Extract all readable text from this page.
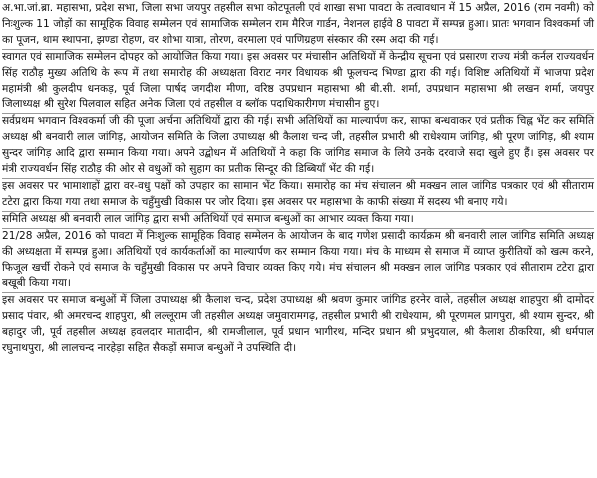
अ.भा.जां.ब्रा. महासभा, प्रदेश सभा, जिला सभा जयपुर तहसील सभा कोटपूतली एवं शाखा सभा पावटा के तत्वावधान में 15 अप्रैल, 2016 (राम नवमी) को निःशुल्क 11 जोड़ों का सामूहिक विवाह सम्मेलन एवं सामाजिक सम्मेलन राम मैरिज गार्डन, नेशनल हाईवे 8 पावटा में सम्पन्न हुआ। प्रातः भगवान विश्वकर्मा जी का पूजन, थाम स्थापना, झण्डा रोहण, वर शोभा यात्रा, तोरण, वरमाला एवं पाणिग्रहण संस्कार की रस्म अदा की गई।

स्वागत एवं सामाजिक सम्मेलन दोपहर को आयोजित किया गया। इस अवसर पर मंचासीन अतिथियों में केन्द्रीय सूचना एवं प्रसारण राज्य मंत्री कर्नल राज्यवर्धन सिंह राठौड़ मुख्य अतिथि के रूप में तथा समारोह की अध्यक्षता विराट नगर विधायक श्री फूलचन्द भिण्डा द्वारा की गई। विशिष्ट अतिथियों में भाजपा प्रदेश महामंत्री श्री कुलदीप धनकड़, पूर्व जिला पार्षद जगदीश मीणा, वरिष्ठ उपप्रधान महासभा श्री बी.सी. शर्मा, उपप्रधान महासभा श्री लखन शर्मा, जयपुर जिलाध्यक्ष श्री सुरेश पिलवाल सहित अनेक जिला एवं तहसील व ब्लॉक पदाधिकारीगण मंचासीन हुए।

सर्वप्रथम भगवान विश्वकर्मा जी की पूजा अर्चना अतिथियों द्वारा की गई। सभी अतिथियों का माल्यार्पण कर, साफा बन्धवाकर एवं प्रतीक चिह्न भेंट कर समिति अध्यक्ष श्री बनवारी लाल जांगिड़, आयोजन समिति के जिला उपाध्यक्ष श्री कैलाश चन्द जी, तहसील प्रभारी श्री राधेश्याम जांगिड़, श्री पूरण जांगिड़, श्री श्याम सुन्दर जांगिड़ आदि द्वारा सम्मान किया गया। अपने उद्बोधन में अतिथियों ने कहा कि जांगिड समाज के लिये उनके दरवाजे सदा खुले हुए हैं। इस अवसर पर मंत्री राज्यवर्धन सिंह राठौड़ की ओर से वधुओं को सुहाग का प्रतीक सिन्दूर की डिब्बियाँ भेंट की गई।

इस अवसर पर भामाशाहों द्वारा वर-वधु पक्षों को उपहार का सामान भेंट किया। समारोह का मंच संचालन श्री मक्खन लाल जांगिड पत्रकार एवं श्री सीताराम टटेरा द्वारा किया गया तथा समाज के चहुँमुखी विकास पर जोर दिया। इस अवसर पर महासभा के काफी संख्या में सदस्य भी बनाए गये।

समिति अध्यक्ष श्री बनवारी लाल जांगिड़ द्वारा सभी अतिथियों एवं समाज बन्धुओं का आभार व्यक्त किया गया।

21/28 अप्रैल, 2016 को पावटा में निःशुल्क सामूहिक विवाह सम्मेलन के आयोजन के बाद गणेश प्रसादी कार्यक्रम श्री बनवारी लाल जांगिड समिति अध्यक्ष की अध्यक्षता में सम्पन्न हुआ। अतिथियों एवं कार्यकर्ताओं का माल्यार्पण कर सम्मान किया गया। मंच के माध्यम से समाज में व्याप्त कुरीतियों को खत्म करने, फिजूल खर्ची रोकने एवं समाज के चहुँमुखी विकास पर अपने विचार व्यक्त किए गये। मंच संचालन श्री मक्खन लाल जांगिड पत्रकार एवं सीताराम टटेरा द्वारा बखूबी किया गया।

इस अवसर पर समाज बन्धुओं में जिला उपाध्यक्ष श्री कैलाश चन्द, प्रदेश उपाध्यक्ष श्री श्रवण कुमार जांगिड हरनेर वाले, तहसील अध्यक्ष शाहपुरा श्री दामोदर प्रसाद पंवार, श्री अमरचन्द शाहपुरा, श्री लल्लूराम जी तहसील अध्यक्ष जमुवारामगढ़, तहसील प्रभारी श्री राधेश्याम, श्री पूरणमल प्रागपुरा, श्री श्याम सुन्दर, श्री बहादुर जी, पूर्व तहसील अध्यक्ष हवलदार मातादीन, श्री रामजीलाल, पूर्व प्रधान भागीरथ, मन्दिर प्रधान श्री प्रभुदयाल, श्री कैलाश ठीकरिया, श्री धर्मपाल रघुनाथपुरा, श्री लालचन्द नारहेड़ा सहित सैकड़ों समाज बन्धुओं ने उपस्थिति दी।
